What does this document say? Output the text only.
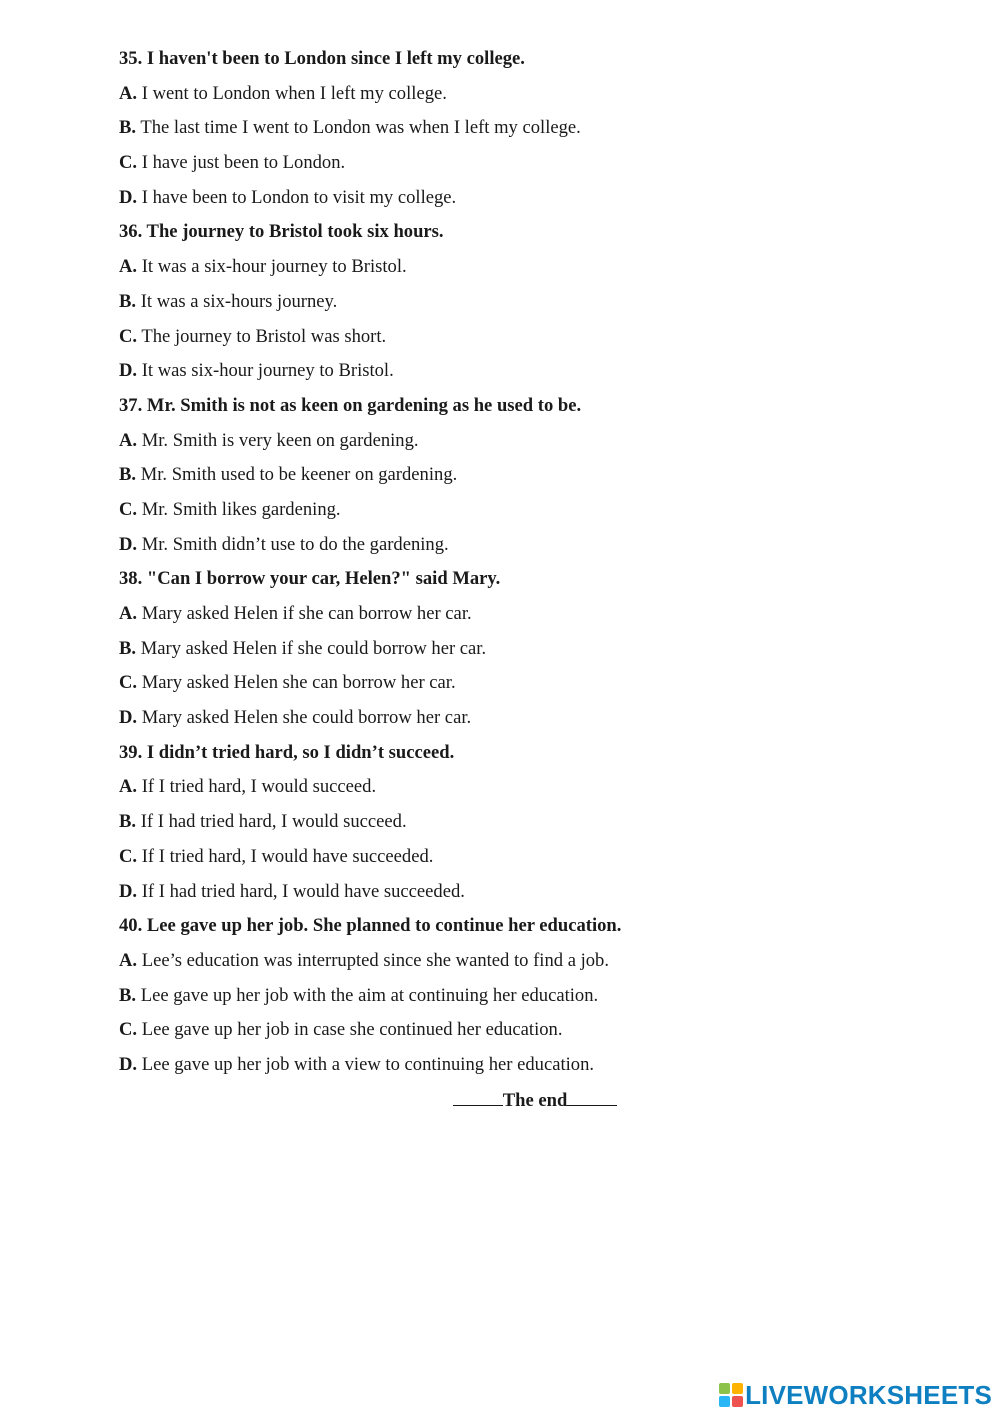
35. I haven't been to London since I left my college.
A. I went to London when I left my college.
B. The last time I went to London was when I left my college.
C. I have just been to London.
D. I have been to London to visit my college.
36. The journey to Bristol took six hours.
A. It was a six-hour journey to Bristol.
B. It was a six-hours journey.
C. The journey to Bristol was short.
D. It was six-hour journey to Bristol.
37. Mr. Smith is not as keen on gardening as he used to be.
A. Mr. Smith is very keen on gardening.
B. Mr. Smith used to be keener on gardening.
C. Mr. Smith likes gardening.
D. Mr. Smith didn’t use to do the gardening.
38. "Can I borrow your car, Helen?" said Mary.
A. Mary asked Helen if she can borrow her car.
B. Mary asked Helen if she could borrow her car.
C. Mary asked Helen she can borrow her car.
D. Mary asked Helen she could borrow her car.
39. I didn’t tried hard, so I didn’t succeed.
A. If I tried hard, I would succeed.
B. If I had tried hard, I would succeed.
C. If I tried hard, I would have succeeded.
D. If I had tried hard, I would have succeeded.
40. Lee gave up her job. She planned to continue her education.
A. Lee’s education was interrupted since she wanted to find a job.
B. Lee gave up her job with the aim at continuing her education.
C. Lee gave up her job in case she continued her education.
D. Lee gave up her job with a view to continuing her education.
The end
LIVEWORKSHEETS
